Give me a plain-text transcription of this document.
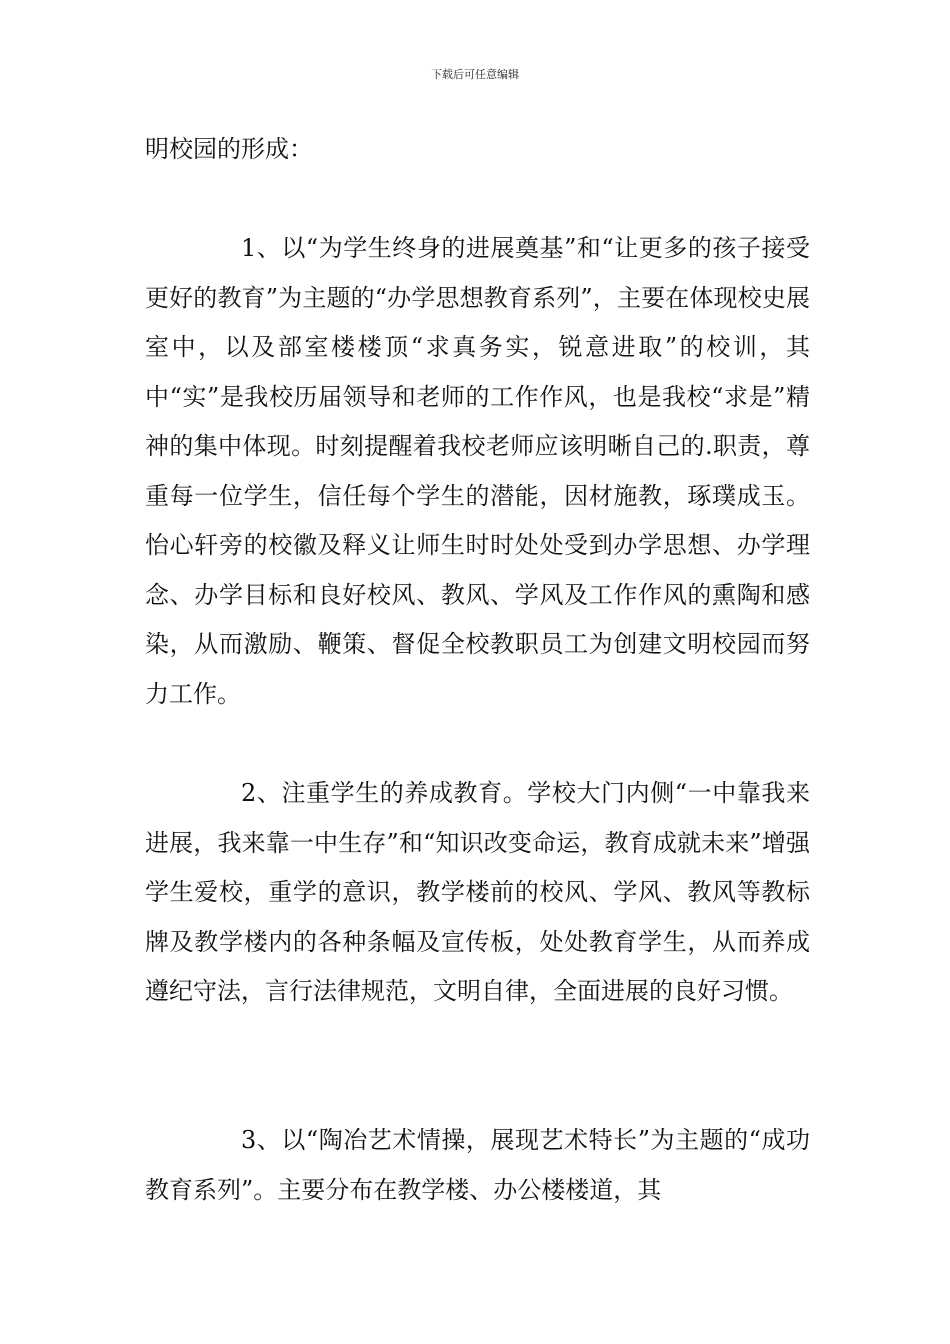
下载后可任意编辑

明校园的形成：

1、以“为学生终身的进展奠基”和“让更多的孩子接受更好的教育”为主题的“办学思想教育系列”，主要在体现校史展室中，以及部室楼楼顶“求真务实，锐意进取”的校训，其中“实”是我校历届领导和老师的工作作风，也是我校“求是”精神的集中体现。时刻提醒着我校老师应该明晰自己的.职责，尊重每一位学生，信任每个学生的潜能，因材施教，琢璞成玉。怡心轩旁的校徽及释义让师生时时处处受到办学思想、办学理念、办学目标和良好校风、教风、学风及工作作风的熏陶和感染，从而激励、鞭策、督促全校教职员工为创建文明校园而努力工作。

2、注重学生的养成教育。学校大门内侧“一中靠我来进展，我来靠一中生存”和“知识改变命运，教育成就未来”增强学生爱校，重学的意识，教学楼前的校风、学风、教风等教标牌及教学楼内的各种条幅及宣传板，处处教育学生，从而养成遵纪守法，言行法律规范，文明自律，全面进展的良好习惯。

3、以“陶冶艺术情操，展现艺术特长”为主题的“成功教育系列”。主要分布在教学楼、办公楼楼道，其
